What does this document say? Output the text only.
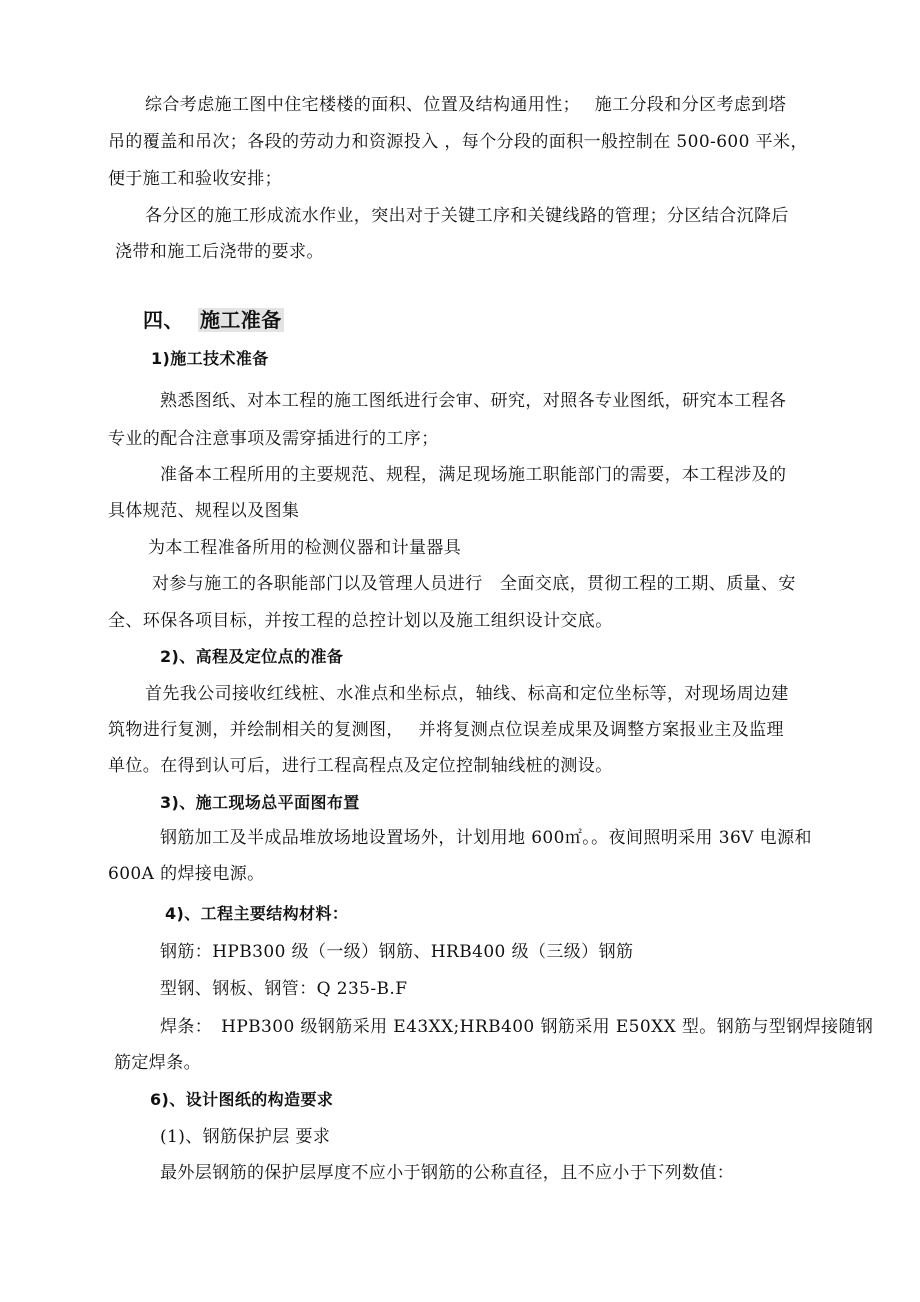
综合考虑施工图中住宅楼楼的面积、位置及结构通用性；　 施工分段和分区考虑到塔
吊的覆盖和吊次；各段的劳动力和资源投入 ，每个分段的面积一般控制在 500-600 平米，
便于施工和验收安排；
各分区的施工形成流水作业，突出对于关键工序和关键线路的管理；分区结合沉降后
浇带和施工后浇带的要求。
四、 施工准备
1)施工技术准备
熟悉图纸、对本工程的施工图纸进行会审、研究，对照各专业图纸，研究本工程各
专业的配合注意事项及需穿插进行的工序；
准备本工程所用的主要规范、规程，满足现场施工职能部门的需要，本工程涉及的
具体规范、规程以及图集
为本工程准备所用的检测仪器和计量器具
对参与施工的各职能部门以及管理人员进行　全面交底，贯彻工程的工期、质量、安
全、环保各项目标，并按工程的总控计划以及施工组织设计交底。
2)、高程及定位点的准备
首先我公司接收红线桩、水准点和坐标点，轴线、标高和定位坐标等，对现场周边建
筑物进行复测，并绘制相关的复测图，　 并将复测点位误差成果及调整方案报业主及监理
单位。在得到认可后，进行工程高程点及定位控制轴线桩的测设。
3)、施工现场总平面图布置
钢筋加工及半成品堆放场地设置场外，计划用地 600㎡。。夜间照明采用 36V 电源和
600A 的焊接电源。
4)、工程主要结构材料：
钢筋：HPB300 级（一级）钢筋、HRB400 级（三级）钢筋
型钢、钢板、钢管：Q 235-B.F
焊条：　HPB300 级钢筋采用 E43XX;HRB400 钢筋采用 E50XX 型。钢筋与型钢焊接随钢
筋定焊条。
6)、设计图纸的构造要求
(1)、钢筋保护层 要求
最外层钢筋的保护层厚度不应小于钢筋的公称直径，且不应小于下列数值：
